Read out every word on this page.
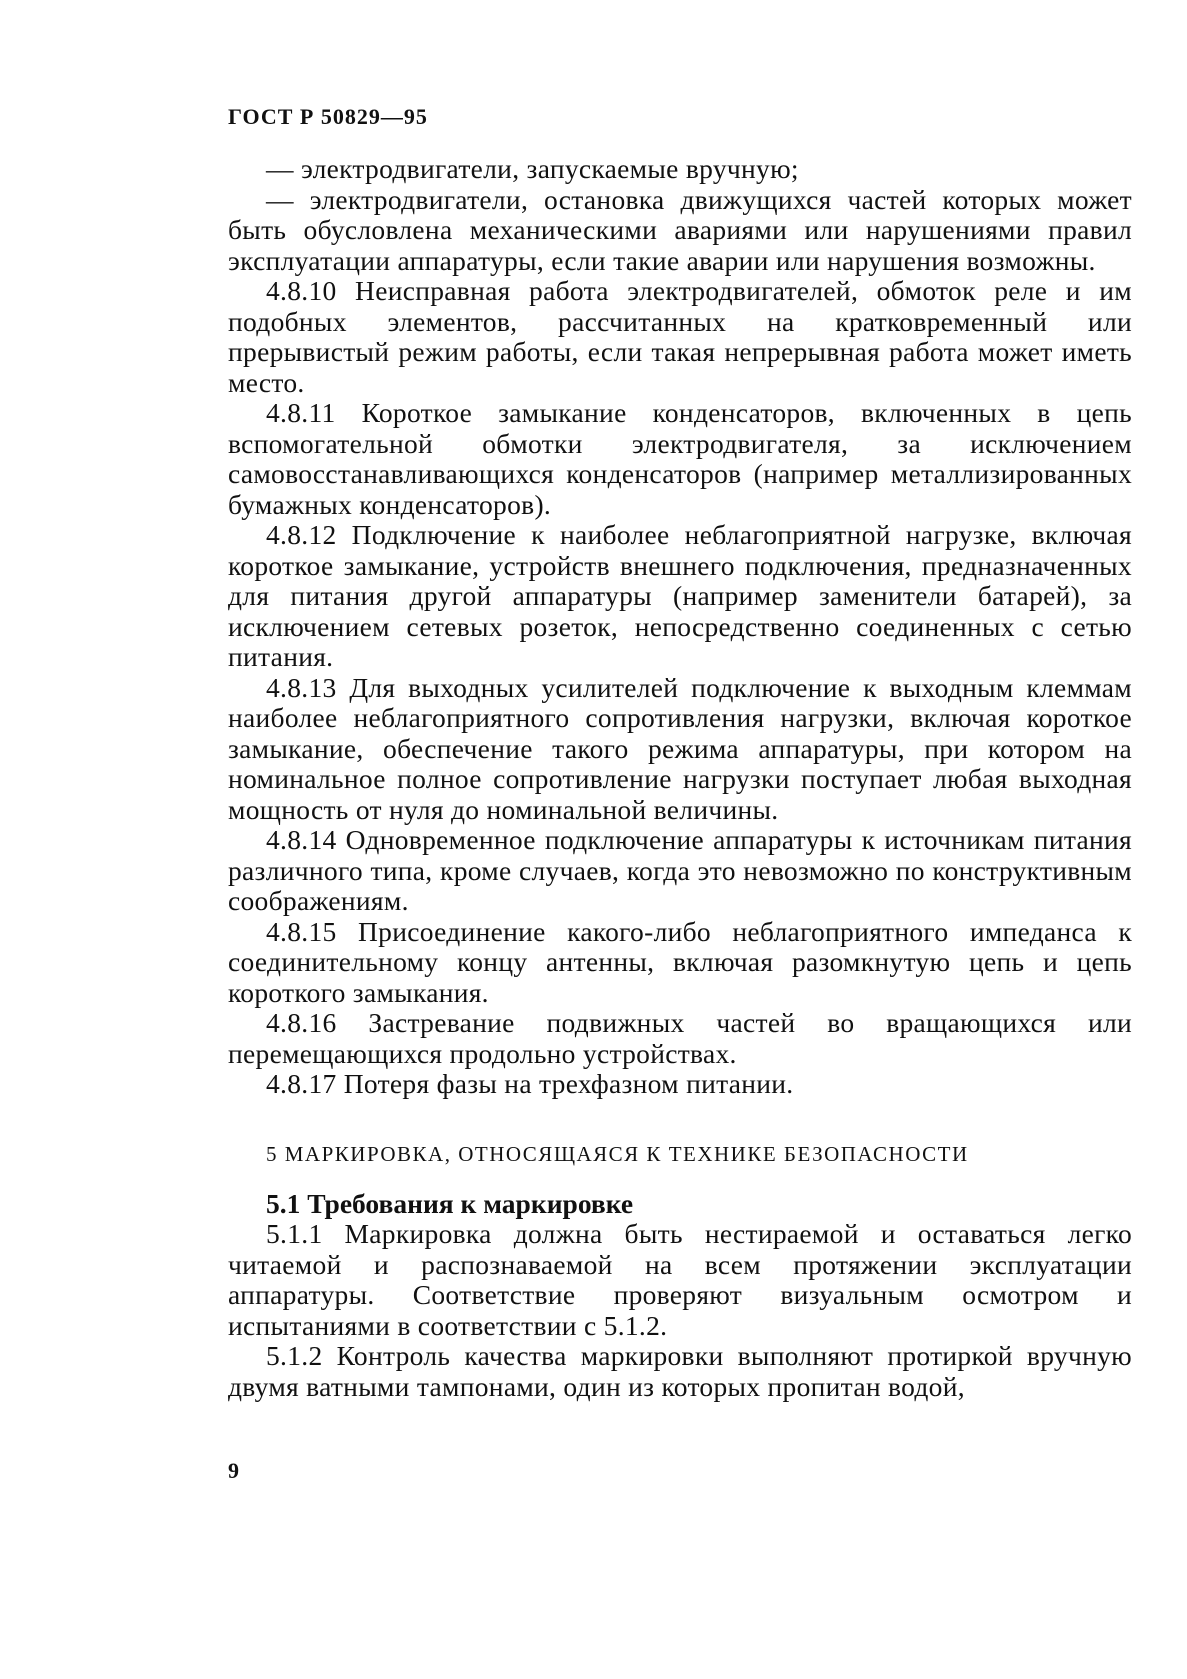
ГОСТ Р 50829—95

— электродвигатели, запускаемые вручную;

— электродвигатели, остановка движущихся частей которых может быть обусловлена механическими авариями или нарушениями правил эксплуатации аппаратуры, если такие аварии или нарушения возможны.

4.8.10 Неисправная работа электродвигателей, обмоток реле и им подобных элементов, рассчитанных на кратковременный или прерывистый режим работы, если такая непрерывная работа может иметь место.

4.8.11 Короткое замыкание конденсаторов, включенных в цепь вспомогательной обмотки электродвигателя, за исключением самовосстанавливающихся конденсаторов (например металлизированных бумажных конденсаторов).

4.8.12 Подключение к наиболее неблагоприятной нагрузке, включая короткое замыкание, устройств внешнего подключения, предназначенных для питания другой аппаратуры (например заменители батарей), за исключением сетевых розеток, непосредственно соединенных с сетью питания.

4.8.13 Для выходных усилителей подключение к выходным клеммам наиболее неблагоприятного сопротивления нагрузки, включая короткое замыкание, обеспечение такого режима аппаратуры, при котором на номинальное полное сопротивление нагрузки поступает любая выходная мощность от нуля до номинальной величины.

4.8.14 Одновременное подключение аппаратуры к источникам питания различного типа, кроме случаев, когда это невозможно по конструктивным соображениям.

4.8.15 Присоединение какого-либо неблагоприятного импеданса к соединительному концу антенны, включая разомкнутую цепь и цепь короткого замыкания.

4.8.16 Застревание подвижных частей во вращающихся или перемещающихся продольно устройствах.

4.8.17 Потеря фазы на трехфазном питании.

5 МАРКИРОВКА, ОТНОСЯЩАЯСЯ К ТЕХНИКЕ БЕЗОПАСНОСТИ
5.1 Требования к маркировке

5.1.1 Маркировка должна быть нестираемой и оставаться легко читаемой и распознаваемой на всем протяжении эксплуатации аппаратуры. Соответствие проверяют визуальным осмотром и испытаниями в соответствии с 5.1.2.

5.1.2 Контроль качества маркировки выполняют протиркой вручную двумя ватными тампонами, один из которых пропитан водой,

9
